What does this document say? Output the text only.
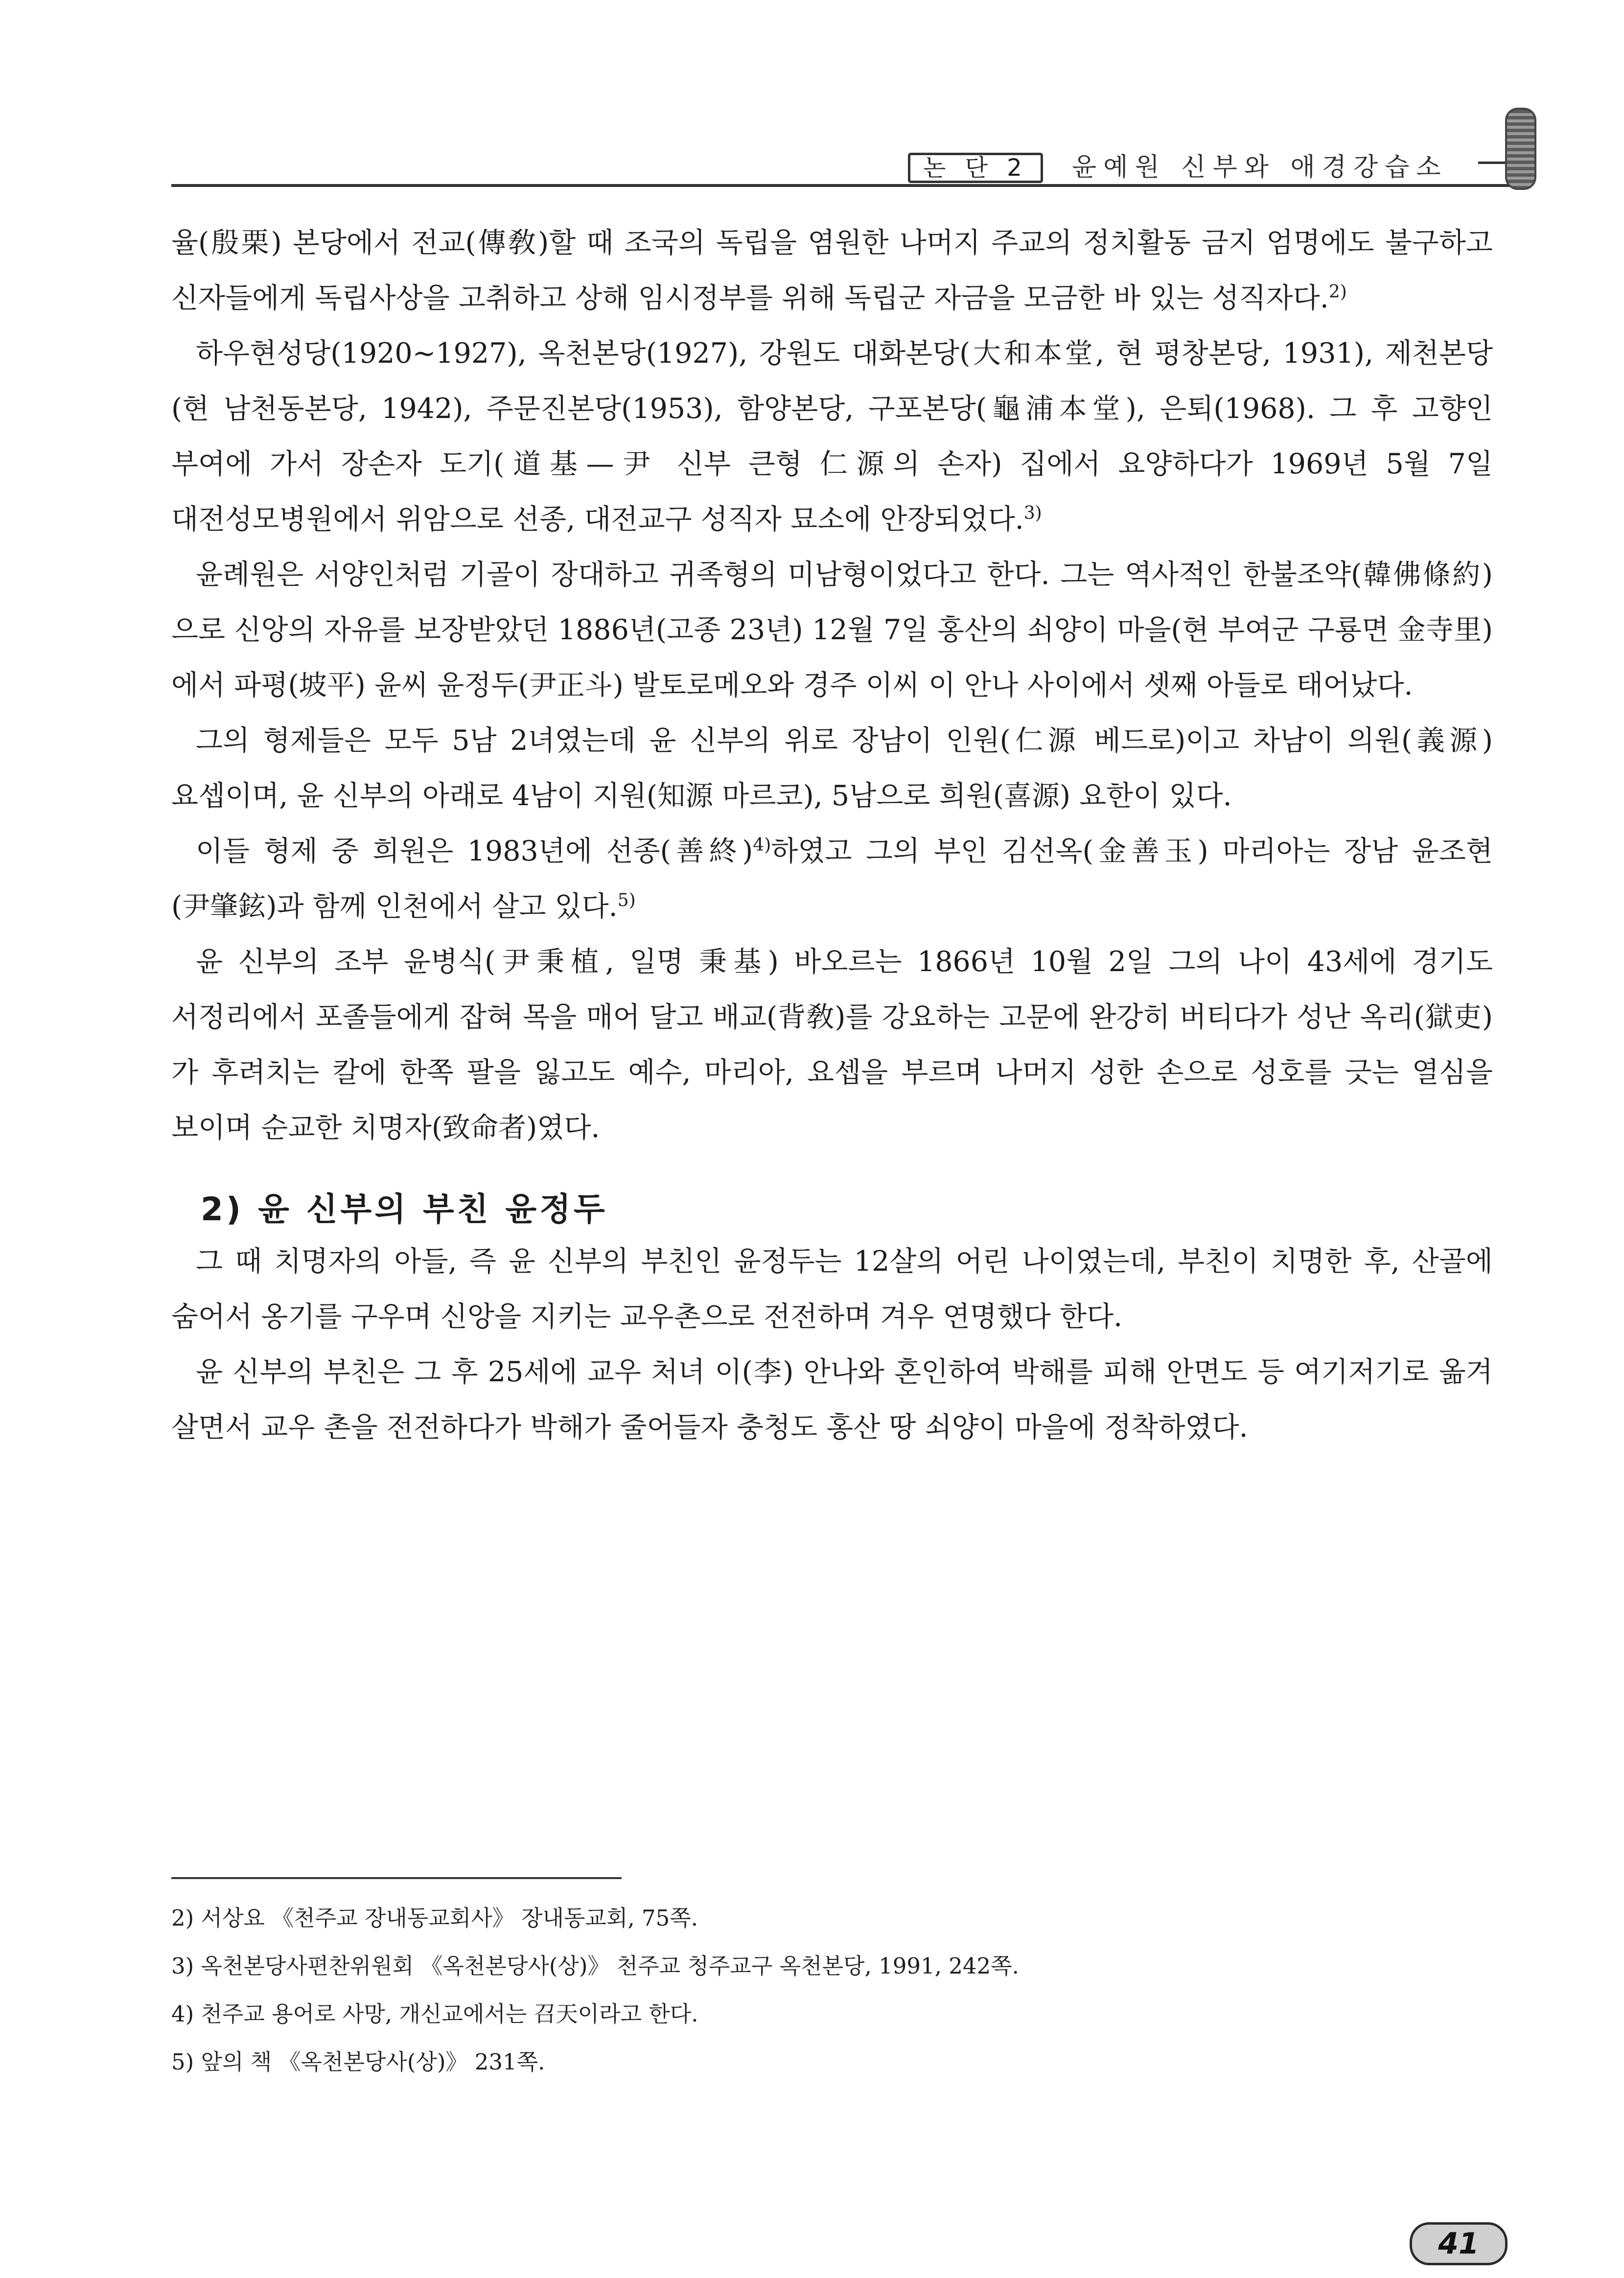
논 단 2	윤예원 신부와 애경강습소

율(殷栗) 본당에서 전교(傳敎)할 때 조국의 독립을 염원한 나머지 주교의 정치활동 금지 엄명에도 불구하고 신자들에게 독립사상을 고취하고 상해 임시정부를 위해 독립군 자금을 모금한 바 있는 성직자다.$^{2)}$

하우현성당(1920~1927), 옥천본당(1927), 강원도 대화본당(大和本堂, 현 평창본당, 1931), 제천본당(현 남천동본당, 1942), 주문진본당(1953), 함양본당, 구포본당(龜浦本堂), 은퇴(1968). 그 후 고향인 부여에 가서 장손자 도기(道基—尹 신부 큰형 仁源의 손자) 집에서 요양하다가 1969년 5월 7일 대전성모병원에서 위암으로 선종, 대전교구 성직자 묘소에 안장되었다.$^{3)}$

윤례원은 서양인처럼 기골이 장대하고 귀족형의 미남형이었다고 한다. 그는 역사적인 한불조약(韓佛條約)으로 신앙의 자유를 보장받았던 1886년(고종 23년) 12월 7일 홍산의 쇠양이 마을(현 부여군 구룡면 金寺里)에서 파평(坡平) 윤씨 윤정두(尹正斗) 발토로메오와 경주 이씨 이 안나 사이에서 셋째 아들로 태어났다.

그의 형제들은 모두 5남 2녀였는데 윤 신부의 위로 장남이 인원(仁源 베드로)이고 차남이 의원(義源) 요셉이며, 윤 신부의 아래로 4남이 지원(知源 마르코), 5남으로 희원(喜源) 요한이 있다.

이들 형제 중 희원은 1983년에 선종(善終)$^{4)}$하였고 그의 부인 김선옥(金善玉) 마리아는 장남 윤조현(尹肇鉉)과 함께 인천에서 살고 있다.$^{5)}$

윤 신부의 조부 윤병식(尹秉植, 일명 秉基) 바오르는 1866년 10월 2일 그의 나이 43세에 경기도 서정리에서 포졸들에게 잡혀 목을 매어 달고 배교(背敎)를 강요하는 고문에 완강히 버티다가 성난 옥리(獄吏)가 후려치는 칼에 한쪽 팔을 잃고도 예수, 마리아, 요셉을 부르며 나머지 성한 손으로 성호를 긋는 열심을 보이며 순교한 치명자(致命者)였다.

2) 윤 신부의 부친 윤정두

그 때 치명자의 아들, 즉 윤 신부의 부친인 윤정두는 12살의 어린 나이였는데, 부친이 치명한 후, 산골에 숨어서 옹기를 구우며 신앙을 지키는 교우촌으로 전전하며 겨우 연명했다 한다.

윤 신부의 부친은 그 후 25세에 교우 처녀 이(李) 안나와 혼인하여 박해를 피해 안면도 등 여기저기로 옮겨 살면서 교우 촌을 전전하다가 박해가 줄어들자 충청도 홍산 땅 쇠양이 마을에 정착하였다.

2) 서상요 《천주교 장내동교회사》 장내동교회, 75쪽.

3) 옥천본당사편찬위원회 《옥천본당사(상)》 천주교 청주교구 옥천본당, 1991, 242쪽.

4) 천주교 용어로 사망, 개신교에서는 召天이라고 한다.

5) 앞의 책 《옥천본당사(상)》 231쪽.

41
